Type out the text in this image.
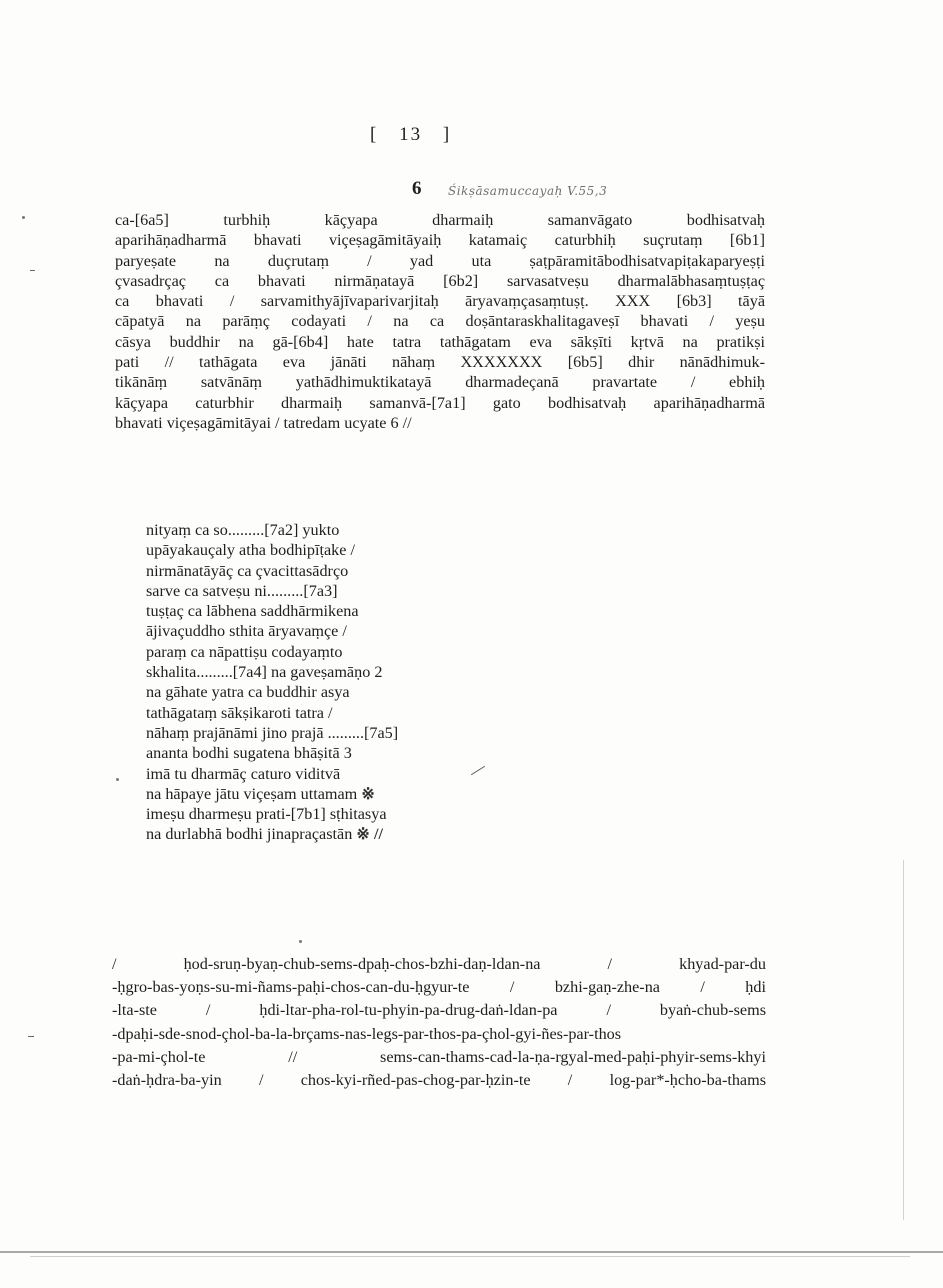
[ 13 ]
6 Śikṣāsamuccayaḥ V.55,3
ca-[6a5] turbhiḥ kāçyapa dharmaiḥ samanvāgato bodhisatvaḥ
aparihāṇadharmā bhavati viçeṣagāmitāyaiḥ katamaiç caturbhiḥ suçrutaṃ [6b1]
paryeṣate na duçrutaṃ / yad uta ṣaṭpāramitābodhisatvapiṭakaparyeṣṭi
çvasadrçaç ca bhavati nirmāṇatayā [6b2] sarvasatveṣu dharmalābhasaṃtuṣṭaç
ca bhavati / sarvamithyājīvaparivarjitaḥ āryavaṃçasaṃtuṣṭ. XXX [6b3] tāyā
cāpatyā na parāṃç codayati / na ca doṣāntaraskhalitagaveṣī bhavati / yeṣu
cāsya buddhir na gā-[6b4] hate tatra tathāgatam eva sākṣīti kṛtvā na pratikṣi
pati // tathāgata eva jānāti nāhaṃ XXXXXXX [6b5] dhir nānādhimuk-
tikānāṃ satvānāṃ yathādhimuktikatayā dharmadeçanā pravartate / ebhiḥ
kāçyapa caturbhir dharmaiḥ samanvā-[7a1] gato bodhisatvaḥ aparihāṇadharmā
bhavati viçeṣagāmitāyai / tatredam ucyate 6 //
nityaṃ ca so.........[7a2] yukto
upāyakauçaly atha bodhipīṭake /
nirmānatāyāç ca çvacittasādrço
sarve ca satveṣu ni.........[7a3]
tuṣṭaç ca lābhena saddhārmikena
ājivaçuddho sthita āryavaṃçe /
paraṃ ca nāpattiṣu codayaṃto
skhalita.........[7a4] na gaveṣamāṇo 2
na gāhate yatra ca buddhir asya
tathāgataṃ sākṣikaroti tatra /
nāhaṃ prajānāmi jino prajā .........[7a5]
ananta bodhi sugatena bhāṣitā 3
imā tu dharmāç caturo viditvā
na hāpaye jātu viçeṣam uttamam ※
imeṣu dharmeṣu prati-[7b1] sṭhitasya
na durlabhā bodhi jinapraçastān ※ //
/ ḥod-sruṇ-byaṇ-chub-sems-dpaḥ-chos-bzhi-daṇ-ldan-na / khyad-par-du
-ḥgro-bas-yoṇs-su-mi-ñams-paḥi-chos-can-du-ḥgyur-te / bzhi-gaṇ-zhe-na / ḥdi
-lta-ste / ḥdi-ltar-pha-rol-tu-phyin-pa-drug-daṅ-ldan-pa / byaṅ-chub-sems
-dpaḥi-sde-snod-çhol-ba-la-brçams-nas-legs-par-thos-pa-çhol-gyi-ñes-par-thos
-pa-mi-çhol-te // sems-can-thams-cad-la-ṇa-rgyal-med-paḥi-phyir-sems-khyi
-daṅ-ḥdra-ba-yin / chos-kyi-rñed-pas-chog-par-ḥzin-te / log-par*-ḥcho-ba-thams
